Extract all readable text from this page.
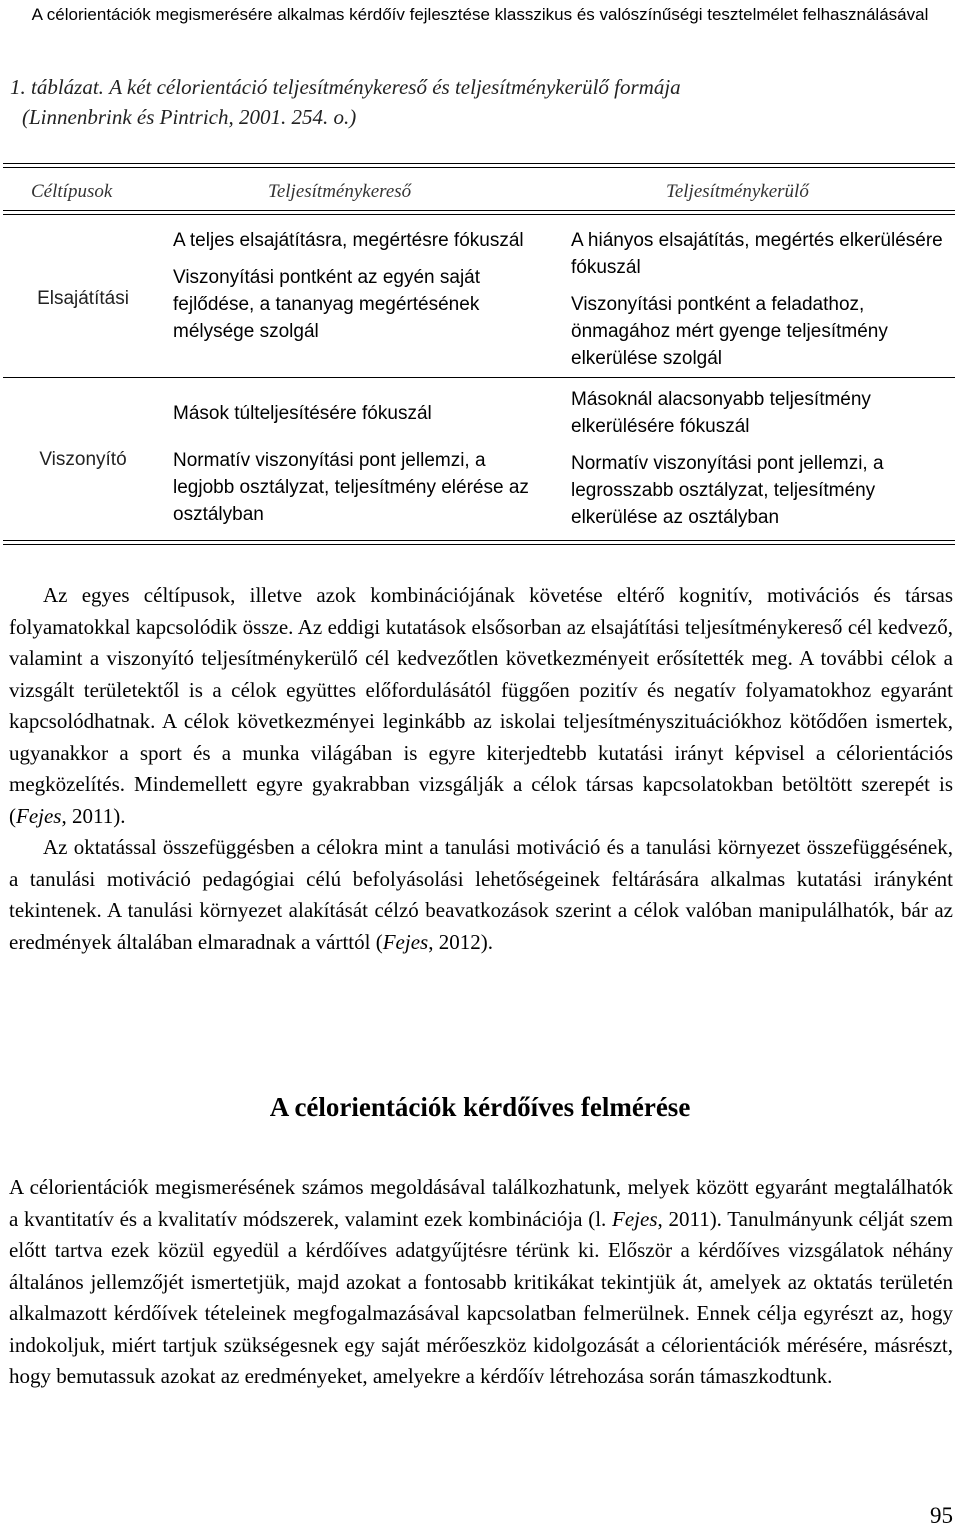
A célorientációk megismerésére alkalmas kérdőív fejlesztése klasszikus és valószínűségi tesztelmélet felhasználásával
1. táblázat. A két célorientáció teljesítménykereső és teljesítménykerülő formája
(Linnenbrink és Pintrich, 2001. 254. o.)
Céltípusok	Teljesítménykereső	Teljesítménykerülő
Elsajátítási

A teljes elsajátításra, megértésre fókuszál

Viszonyítási pontként az egyén saját fejlődése, a tananyag megértésének mélysége szolgál

A hiányos elsajátítás, megértés elkerülésére fókuszál

Viszonyítási pontként a feladathoz, önmagához mért gyenge teljesítmény elkerülése szolgál

Viszonyító

Mások túlteljesítésére fókuszál

Normatív viszonyítási pont jellemzi, a legjobb osztályzat, teljesítmény elérése az osztályban

Másoknál alacsonyabb teljesítmény elkerülésére fókuszál

Normatív viszonyítási pont jellemzi, a legrosszabb osztályzat, teljesítmény elkerülése az osztályban

Az egyes céltípusok, illetve azok kombinációjának követése eltérő kognitív, motivációs és társas folyamatokkal kapcsolódik össze. Az eddigi kutatások elsősorban az elsajátítási teljesítménykereső cél kedvező, valamint a viszonyító teljesítménykerülő cél kedvezőtlen következményeit erősítették meg. A további célok a vizsgált területektől is a célok együttes előfordulásától függően pozitív és negatív folyamatokhoz egyaránt kapcsolódhatnak. A célok következményei leginkább az iskolai teljesítményszituációkhoz kötődően ismertek, ugyanakkor a sport és a munka világában is egyre kiterjedtebb kutatási irányt képvisel a célorientációs megközelítés. Mindemellett egyre gyakrabban vizsgálják a célok társas kapcsolatokban betöltött szerepét is (Fejes, 2011).

Az oktatással összefüggésben a célokra mint a tanulási motiváció és a tanulási környezet összefüggésének, a tanulási motiváció pedagógiai célú befolyásolási lehetőségeinek feltárására alkalmas kutatási irányként tekintenek. A tanulási környezet alakítását célzó beavatkozások szerint a célok valóban manipulálhatók, bár az eredmények általában elmaradnak a várttól (Fejes, 2012).

A célorientációk kérdőíves felmérése

A célorientációk megismerésének számos megoldásával találkozhatunk, melyek között egyaránt megtalálhatók a kvantitatív és a kvalitatív módszerek, valamint ezek kombinációja (l. Fejes, 2011). Tanulmányunk célját szem előtt tartva ezek közül egyedül a kérdőíves adatgyűjtésre térünk ki. Először a kérdőíves vizsgálatok néhány általános jellemzőjét ismertetjük, majd azokat a fontosabb kritikákat tekintjük át, amelyek az oktatás területén alkalmazott kérdőívek tételeinek megfogalmazásával kapcsolatban felmerülnek. Ennek célja egyrészt az, hogy indokoljuk, miért tartjuk szükségesnek egy saját mérőeszköz kidolgozását a célorientációk mérésére, másrészt, hogy bemutassuk azokat az eredményeket, amelyekre a kérdőív létrehozása során támaszkodtunk.

95
